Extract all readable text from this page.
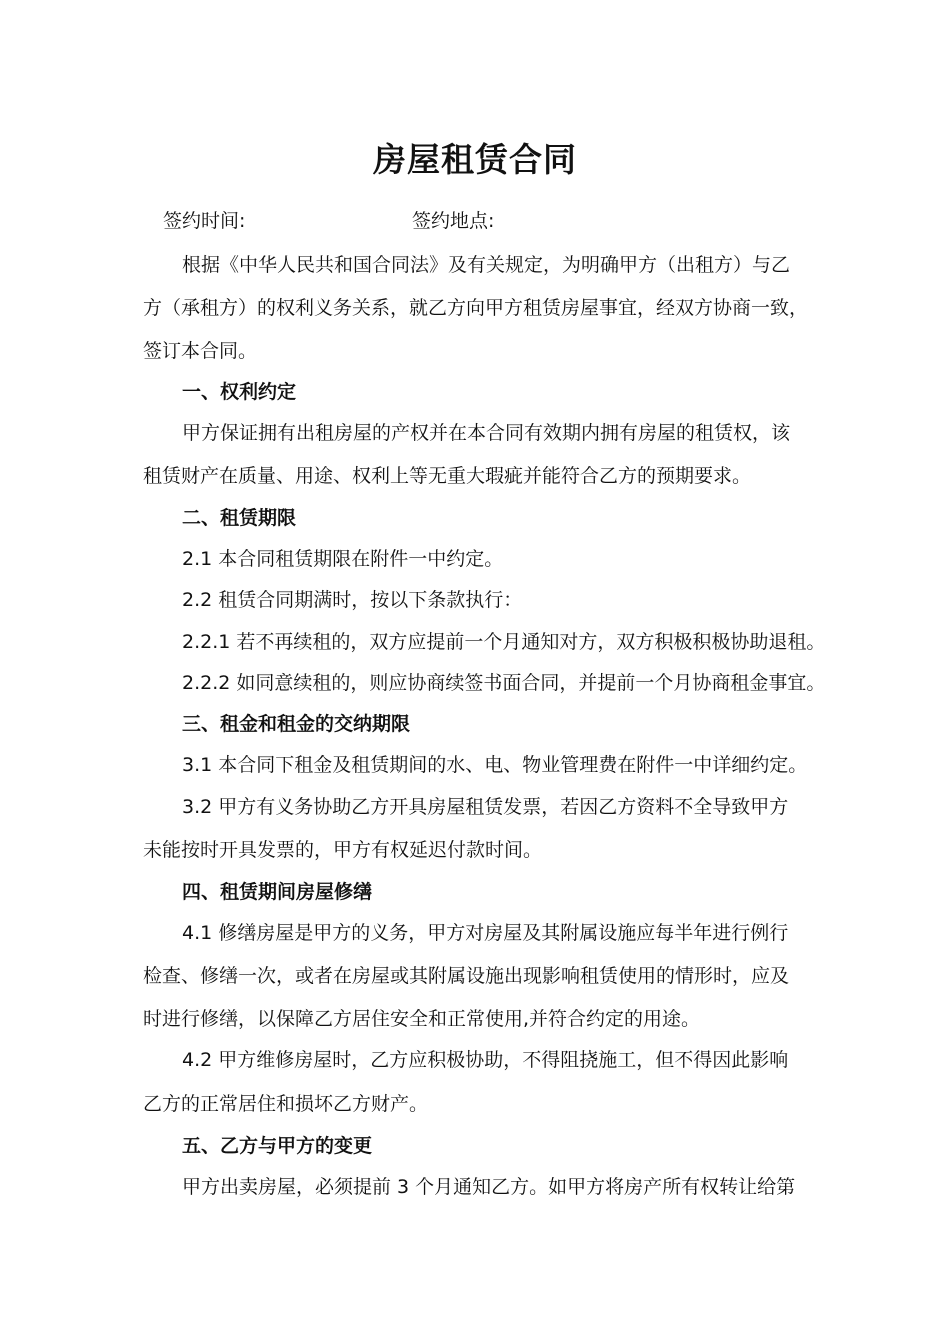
房屋租赁合同
签约时间:	签约地点:
根据《中华人民共和国合同法》及有关规定，为明确甲方（出租方）与乙
方（承租方）的权利义务关系，就乙方向甲方租赁房屋事宜，经双方协商一致，
签订本合同。
一、权利约定
甲方保证拥有出租房屋的产权并在本合同有效期内拥有房屋的租赁权，该
租赁财产在质量、用途、权利上等无重大瑕疵并能符合乙方的预期要求。
二、租赁期限
2.1 本合同租赁期限在附件一中约定。
2.2 租赁合同期满时，按以下条款执行：
2.2.1 若不再续租的，双方应提前一个月通知对方，双方积极积极协助退租。
2.2.2 如同意续租的，则应协商续签书面合同，并提前一个月协商租金事宜。
三、租金和租金的交纳期限
3.1 本合同下租金及租赁期间的水、电、物业管理费在附件一中详细约定。
3.2 甲方有义务协助乙方开具房屋租赁发票，若因乙方资料不全导致甲方
未能按时开具发票的，甲方有权延迟付款时间。
四、租赁期间房屋修缮
4.1 修缮房屋是甲方的义务，甲方对房屋及其附属设施应每半年进行例行
检查、修缮一次，或者在房屋或其附属设施出现影响租赁使用的情形时，应及
时进行修缮，以保障乙方居住安全和正常使用,并符合约定的用途。
4.2 甲方维修房屋时，乙方应积极协助，不得阻挠施工，但不得因此影响
乙方的正常居住和损坏乙方财产。
五、乙方与甲方的变更
甲方出卖房屋，必须提前 3 个月通知乙方。如甲方将房产所有权转让给第
